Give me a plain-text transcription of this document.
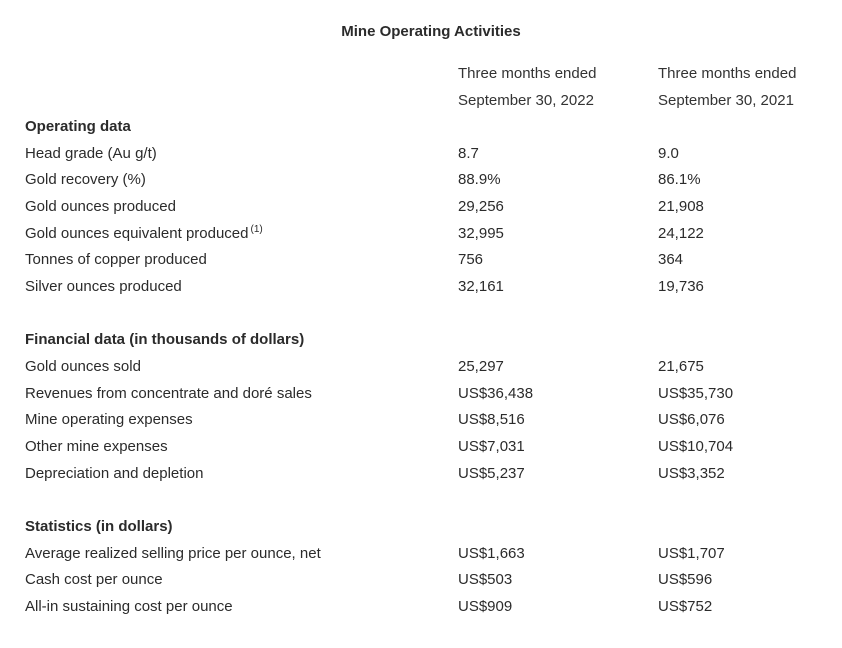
Mine Operating Activities
Three months ended
September 30, 2022
Three months ended
September 30, 2021
Operating data
Head grade (Au g/t)	8.7	9.0
Gold recovery (%)	88.9%	86.1%
Gold ounces produced	29,256	21,908
Gold ounces equivalent produced $^{(1)}$	32,995	24,122
Tonnes of copper produced	756	364
Silver ounces produced	32,161	19,736
Financial data (in thousands of dollars)
Gold ounces sold	25,297	21,675
Revenues from concentrate and doré sales	US$36,438	US$35,730
Mine operating expenses	US$8,516	US$6,076
Other mine expenses	US$7,031	US$10,704
Depreciation and depletion	US$5,237	US$3,352
Statistics (in dollars)
Average realized selling price per ounce, net	US$1,663	US$1,707
Cash cost per ounce	US$503	US$596
All-in sustaining cost per ounce	US$909	US$752
